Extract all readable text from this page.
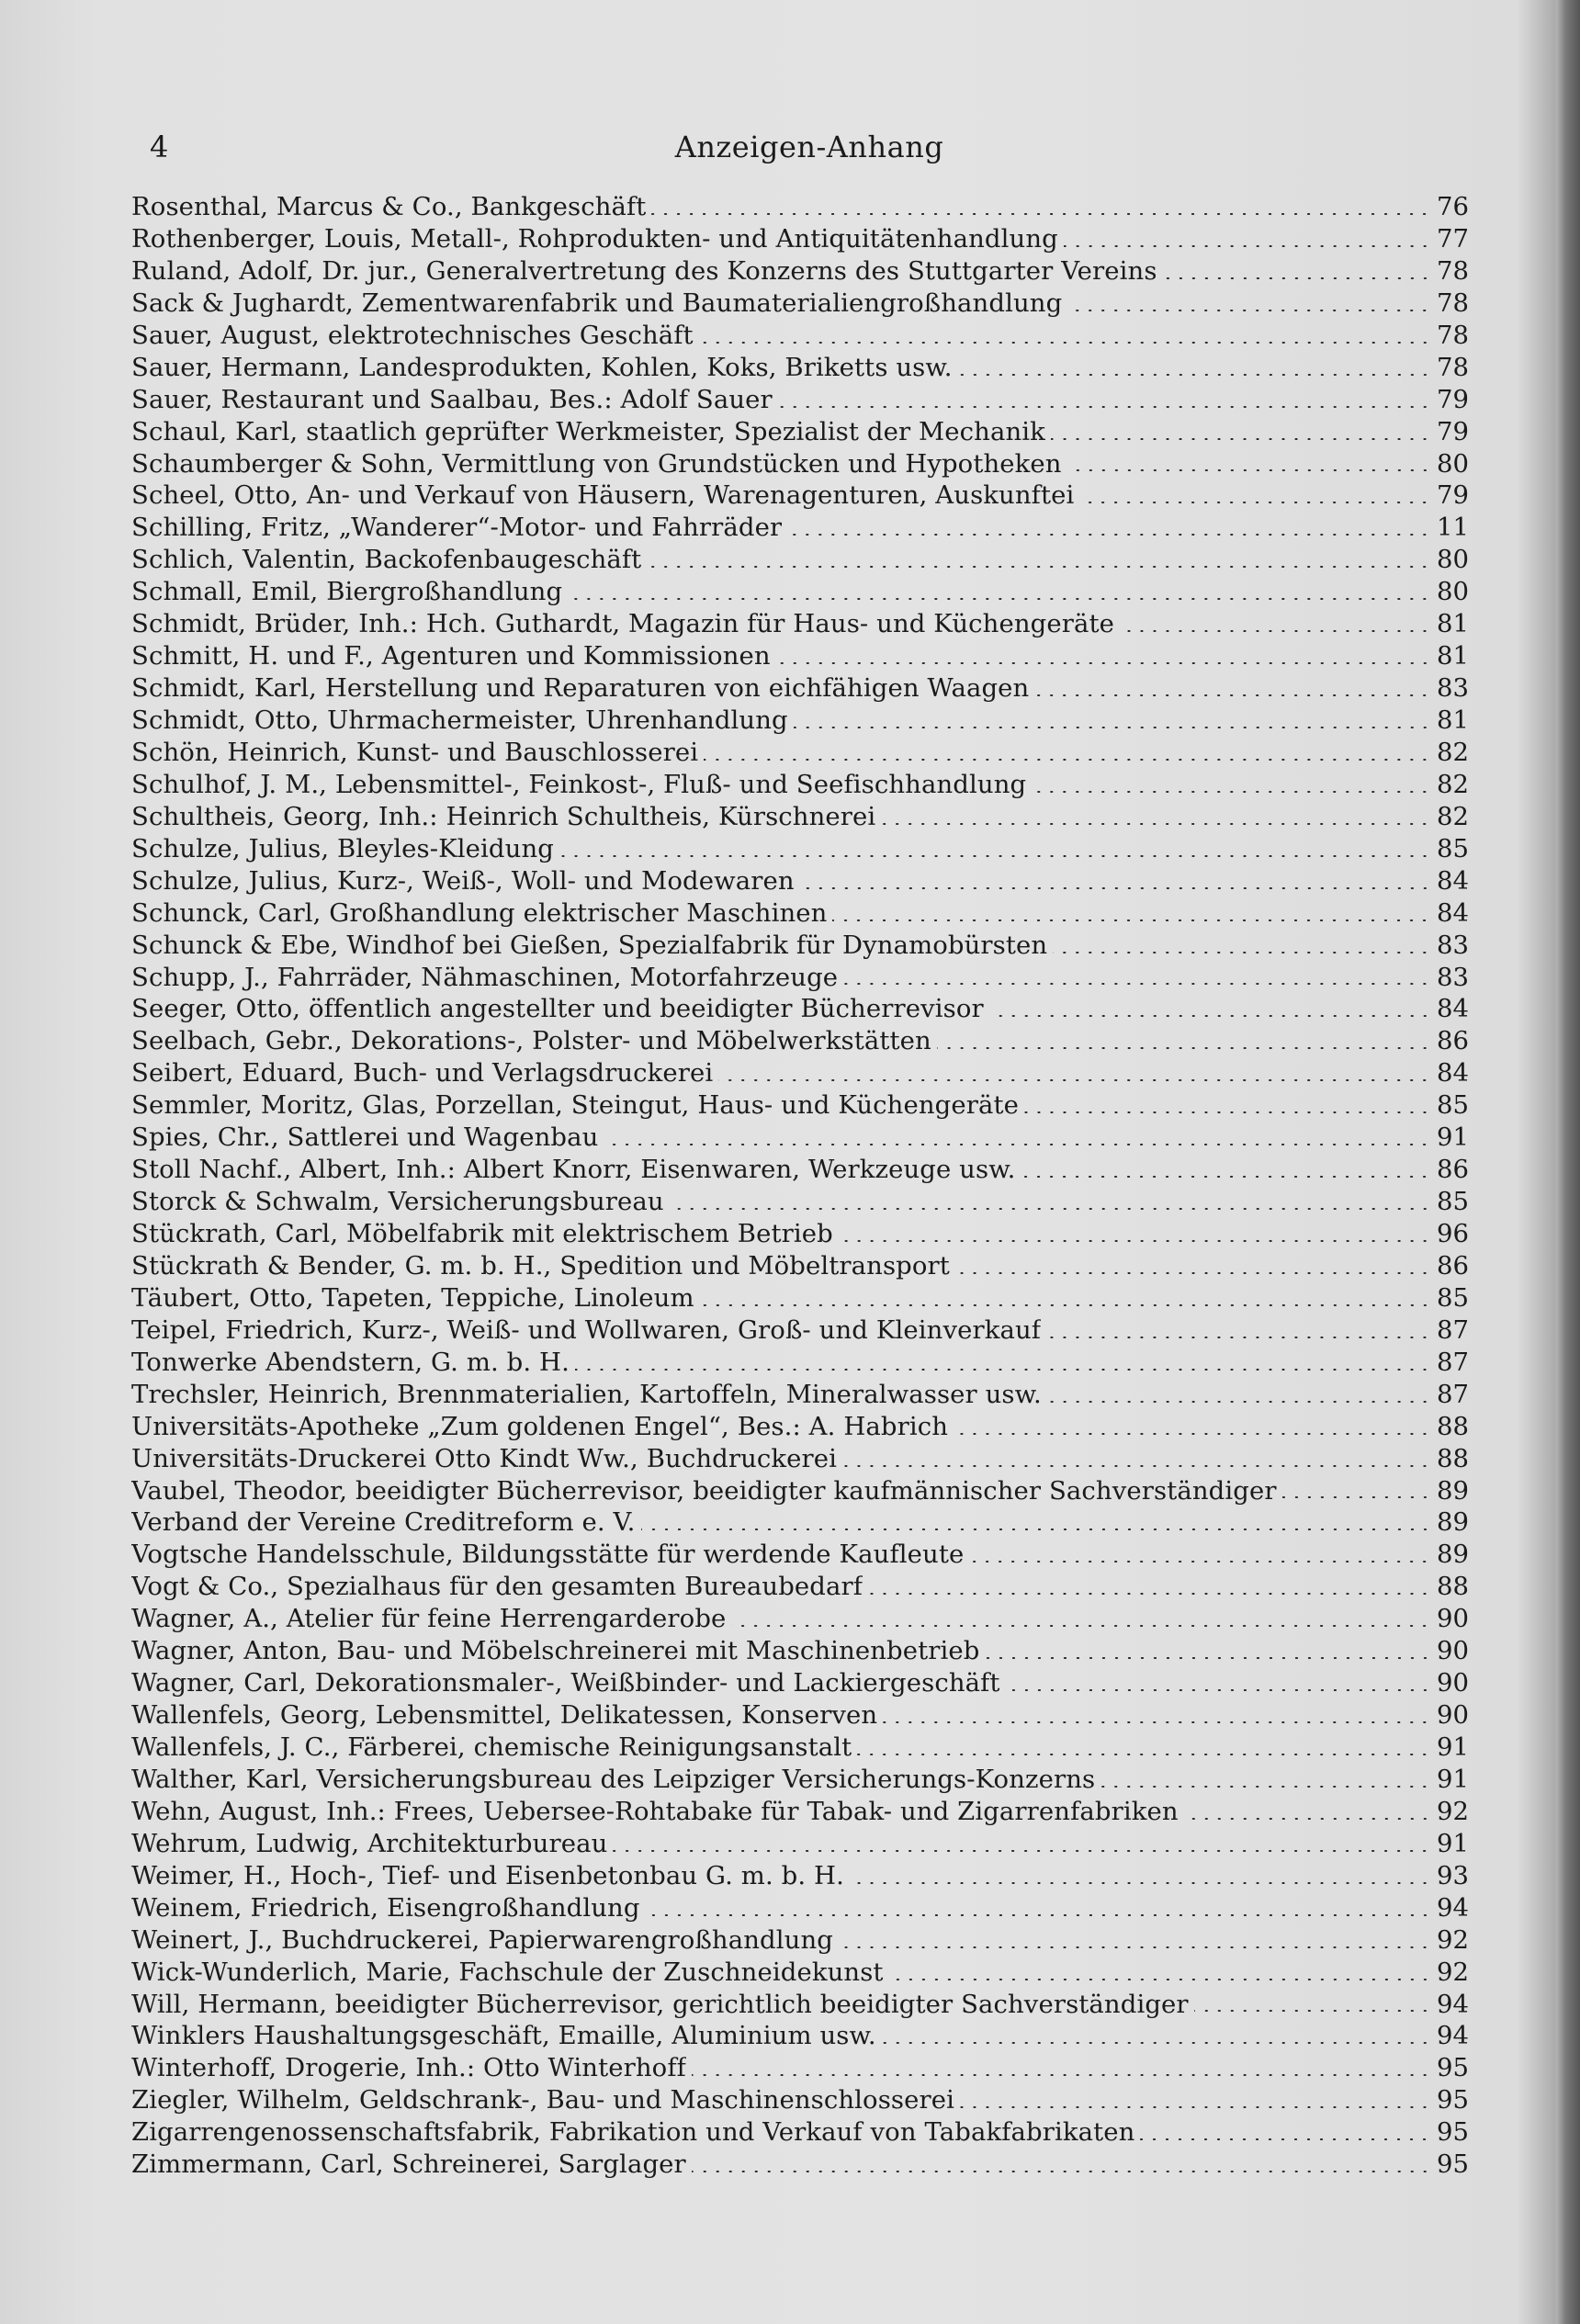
Anzeigen-Anhang
4
Rosenthal, Marcus & Co., Bankgeschäft	76
Rothenberger, Louis, Metall-, Rohprodukten- und Antiquitätenhandlung	77
Ruland, Adolf, Dr. jur., Generalvertretung des Konzerns des Stuttgarter Vereins	78
Sack & Jughardt, Zementwarenfabrik und Baumaterialiengroßhandlung	78
Sauer, August, elektrotechnisches Geschäft	78
Sauer, Hermann, Landesprodukten, Kohlen, Koks, Briketts usw.	78
Sauer, Restaurant und Saalbau, Bes.: Adolf Sauer	79
Schaul, Karl, staatlich geprüfter Werkmeister, Spezialist der Mechanik	79
Schaumberger & Sohn, Vermittlung von Grundstücken und Hypotheken	80
Scheel, Otto, An- und Verkauf von Häusern, Warenagenturen, Auskunftei	79
Schilling, Fritz, „Wanderer“-Motor- und Fahrräder	11
Schlich, Valentin, Backofenbaugeschäft	80
Schmall, Emil, Biergroßhandlung	80
Schmidt, Brüder, Inh.: Hch. Guthardt, Magazin für Haus- und Küchengeräte	81
Schmitt, H. und F., Agenturen und Kommissionen	81
Schmidt, Karl, Herstellung und Reparaturen von eichfähigen Waagen	83
Schmidt, Otto, Uhrmachermeister, Uhrenhandlung	81
Schön, Heinrich, Kunst- und Bauschlosserei	82
Schulhof, J. M., Lebensmittel-, Feinkost-, Fluß- und Seefischhandlung	82
Schultheis, Georg, Inh.: Heinrich Schultheis, Kürschnerei	82
Schulze, Julius, Bleyles-Kleidung	85
Schulze, Julius, Kurz-, Weiß-, Woll- und Modewaren	84
Schunck, Carl, Großhandlung elektrischer Maschinen	84
Schunck & Ebe, Windhof bei Gießen, Spezialfabrik für Dynamobürsten	83
Schupp, J., Fahrräder, Nähmaschinen, Motorfahrzeuge	83
Seeger, Otto, öffentlich angestellter und beeidigter Bücherrevisor	84
Seelbach, Gebr., Dekorations-, Polster- und Möbelwerkstätten	86
Seibert, Eduard, Buch- und Verlagsdruckerei	84
Semmler, Moritz, Glas, Porzellan, Steingut, Haus- und Küchengeräte	85
Spies, Chr., Sattlerei und Wagenbau	91
Stoll Nachf., Albert, Inh.: Albert Knorr, Eisenwaren, Werkzeuge usw.	86
Storck & Schwalm, Versicherungsbureau	85
Stückrath, Carl, Möbelfabrik mit elektrischem Betrieb	96
Stückrath & Bender, G. m. b. H., Spedition und Möbeltransport	86
Täubert, Otto, Tapeten, Teppiche, Linoleum	85
Teipel, Friedrich, Kurz-, Weiß- und Wollwaren, Groß- und Kleinverkauf	87
Tonwerke Abendstern, G. m. b. H.	87
Trechsler, Heinrich, Brennmaterialien, Kartoffeln, Mineralwasser usw.	87
Universitäts-Apotheke „Zum goldenen Engel“, Bes.: A. Habrich	88
Universitäts-Druckerei Otto Kindt Ww., Buchdruckerei	88
Vaubel, Theodor, beeidigter Bücherrevisor, beeidigter kaufmännischer Sachverständiger	89
Verband der Vereine Creditreform e. V.	89
Vogtsche Handelsschule, Bildungsstätte für werdende Kaufleute	89
Vogt & Co., Spezialhaus für den gesamten Bureaubedarf	88
Wagner, A., Atelier für feine Herrengarderobe	90
Wagner, Anton, Bau- und Möbelschreinerei mit Maschinenbetrieb	90
Wagner, Carl, Dekorationsmaler-, Weißbinder- und Lackiergeschäft	90
Wallenfels, Georg, Lebensmittel, Delikatessen, Konserven	90
Wallenfels, J. C., Färberei, chemische Reinigungsanstalt	91
Walther, Karl, Versicherungsbureau des Leipziger Versicherungs-Konzerns	91
Wehn, August, Inh.: Frees, Uebersee-Rohtabake für Tabak- und Zigarrenfabriken	92
Wehrum, Ludwig, Architekturbureau	91
Weimer, H., Hoch-, Tief- und Eisenbetonbau G. m. b. H.	93
Weinem, Friedrich, Eisengroßhandlung	94
Weinert, J., Buchdruckerei, Papierwarengroßhandlung	92
Wick-Wunderlich, Marie, Fachschule der Zuschneidekunst	92
Will, Hermann, beeidigter Bücherrevisor, gerichtlich beeidigter Sachverständiger	94
Winklers Haushaltungsgeschäft, Emaille, Aluminium usw.	94
Winterhoff, Drogerie, Inh.: Otto Winterhoff	95
Ziegler, Wilhelm, Geldschrank-, Bau- und Maschinenschlosserei	95
Zigarrengenossenschaftsfabrik, Fabrikation und Verkauf von Tabakfabrikaten	95
Zimmermann, Carl, Schreinerei, Sarglager	95
